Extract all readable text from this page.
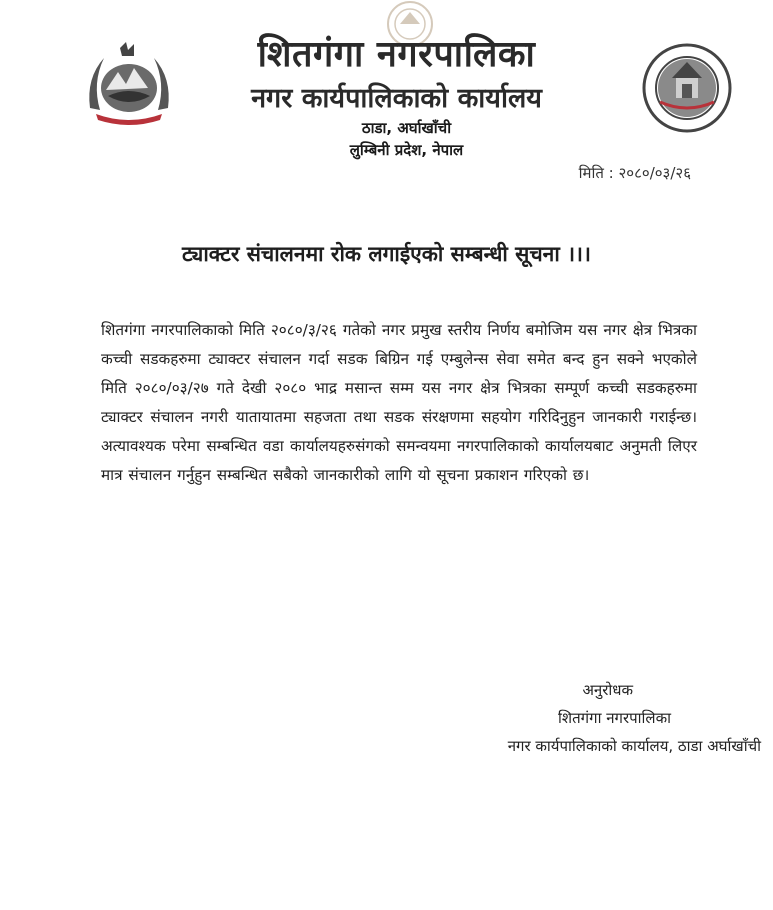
शितगंगा नगरपालिका
नगर कार्यपालिकाको कार्यालय
ठाडा, अर्घाखाँची
लुम्बिनी प्रदेश, नेपाल
मिति : २०८०/०३/२६
ट्याक्टर संचालनमा रोक लगाईएको सम्बन्धी सूचना ।।।
शितगंगा नगरपालिकाको मिति २०८०/३/२६ गतेको नगर प्रमुख स्तरीय निर्णय बमोजिम यस नगर क्षेत्र भित्रका कच्ची सडकहरुमा ट्याक्टर संचालन गर्दा सडक बिग्रिन गई एम्बुलेन्स सेवा समेत बन्द हुन सक्ने भएकोले मिति २०८०/०३/२७ गते देखी २०८० भाद्र मसान्त सम्म यस नगर क्षेत्र भित्रका सम्पूर्ण कच्ची सडकहरुमा ट्याक्टर संचालन नगरी यातायातमा सहजता तथा सडक संरक्षणमा सहयोग गरिदिनुहुन जानकारी गराईन्छ। अत्यावश्यक परेमा सम्बन्धित वडा कार्यालयहरुसंगको समन्वयमा नगरपालिकाको कार्यालयबाट अनुमती लिएर मात्र संचालन गर्नुहुन सम्बन्धित सबैको जानकारीको लागि यो सूचना प्रकाशन गरिएको छ।
अनुरोधक
शितगंगा नगरपालिका
नगर कार्यपालिकाको कार्यालय, ठाडा अर्घाखाँची
